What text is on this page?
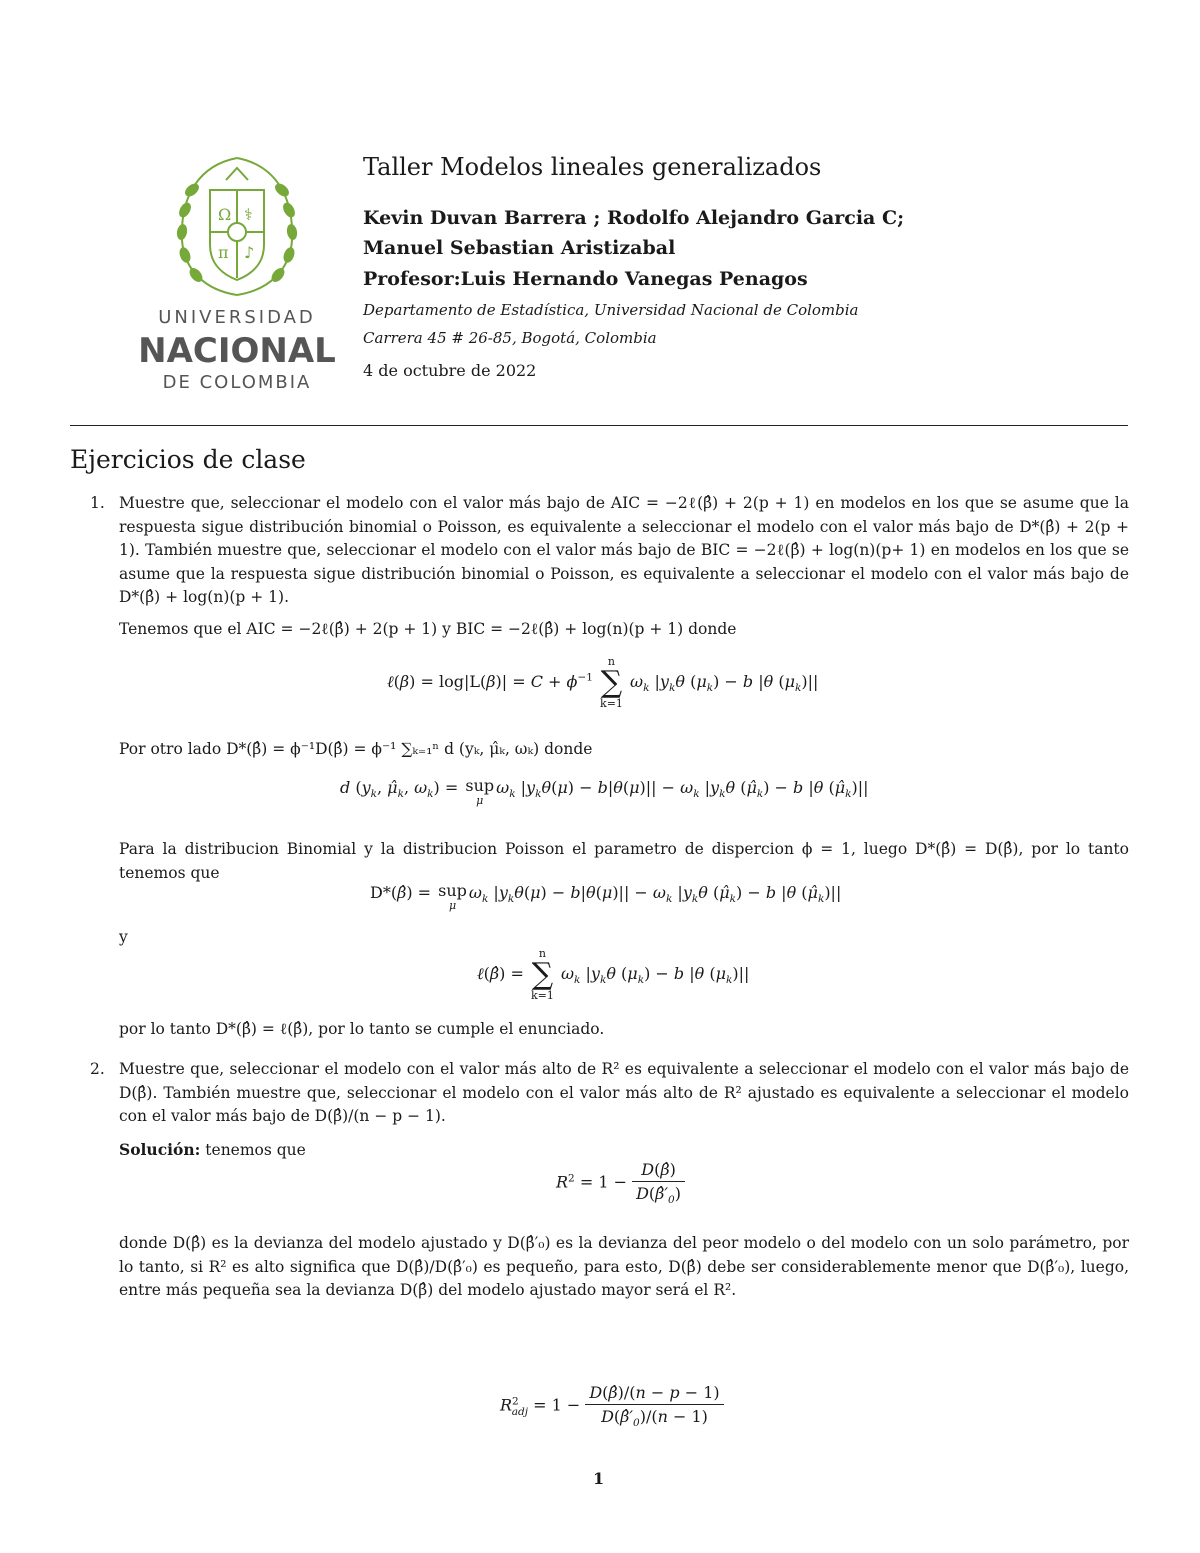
Ω ⚕
π ♪
UNIVERSIDAD
NACIONAL
DE COLOMBIA
Taller Modelos lineales generalizados
Kevin Duvan Barrera ; Rodolfo Alejandro Garcia C;
Manuel Sebastian Aristizabal
Profesor:Luis Hernando Vanegas Penagos
Departamento de Estadística, Universidad Nacional de Colombia
Carrera 45 # 26-85, Bogotá, Colombia
4 de octubre de 2022
Ejercicios de clase
1. Muestre que, seleccionar el modelo con el valor más bajo de AIC = −2ℓ(β̂) + 2(p + 1) en modelos en los que se asume que la respuesta sigue distribución binomial o Poisson, es equivalente a seleccionar el modelo con el valor más bajo de D*(β̂) + 2(p + 1). También muestre que, seleccionar el modelo con el valor más bajo de BIC = −2ℓ(β̂) + log(n)(p+ 1) en modelos en los que se asume que la respuesta sigue distribución binomial o Poisson, es equivalente a seleccionar el modelo con el valor más bajo de D*(β̂) + log(n)(p + 1).
Tenemos que el AIC = −2ℓ(β̂) + 2(p + 1) y BIC = −2ℓ(β̂) + log(n)(p + 1) donde
ℓ(β) = $\log|L(\beta)| = C + \phi^{-1}$
n
∑
k=1
$\omega_k$ $|y_k\theta$ $(\mu_k) - b$ |θ $(\mu_k)||$
Por otro lado D*(β̂) = ϕ⁻¹D(β̂) = ϕ⁻¹ ∑ₖ₌₁ⁿ d (yₖ, μ̂ₖ, ωₖ) donde
d ($y_k$, $\mû_k$, $\omega_k$) = sup
μ
$\omega_k$ $|y_k\theta(\mu) - b|\theta(\mu)|| - \omega_k$ $|y_k\theta$ $(\mû_k) - b$ |θ $(\mû_k)||$
Para la distribucion Binomial y la distribucion Poisson el parametro de dispercion ϕ = 1, luego D*(β̂) = D(β̂), por lo tanto tenemos que
D*(β̂) = sup
μ
$\omega_k$ $|y_k\theta(\mu) - b|\theta(\mu)|| - \omega_k$ $|y_k\theta$ $(\mû_k) - b$ |θ $(\mû_k)||$
y
ℓ(β̂) =
n
∑
k=1
$\omega_k$ $|y_k\theta$ $(\mu_k) - b$ |θ $(\mu_k)||$
por lo tanto D*(β̂) = ℓ(β̂), por lo tanto se cumple el enunciado.
2. Muestre que, seleccionar el modelo con el valor más alto de R² es equivalente a seleccionar el modelo con el valor más bajo de D(β̂). También muestre que, seleccionar el modelo con el valor más alto de R² ajustado es equivalente a seleccionar el modelo con el valor más bajo de D(β̂)/(n − p − 1).
Solución: tenemos que
$R^2 = 1 - \frac{D(\betâ)}{D(\betâ'_0)}$
donde D(β̂) es la devianza del modelo ajustado y D(β̂′₀) es la devianza del peor modelo o del modelo con un solo parámetro, por lo tanto, si R² es alto significa que D(β̂)/D(β̂′₀) es pequeño, para esto, D(β̂) debe ser considerablemente menor que D(β̂′₀), luego, entre más pequeña sea la devianza D(β̂) del modelo ajustado mayor será el R².
$R^2_{adj} = 1 - \frac{D(\betâ)/(n - p - 1)}{D(\betâ'_0)/(n - 1)}$
1
